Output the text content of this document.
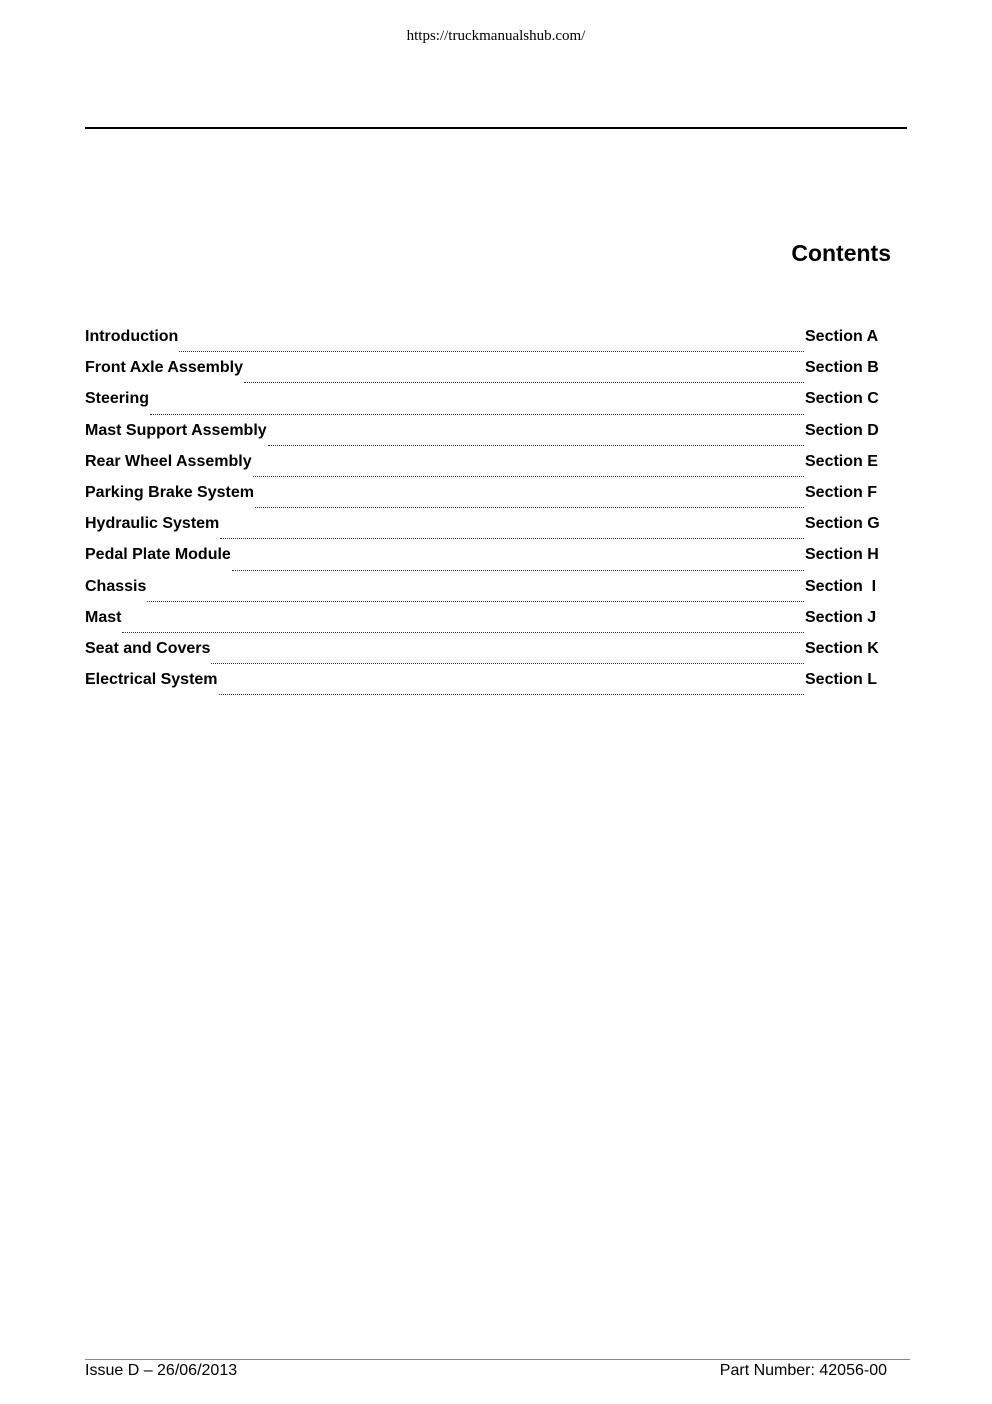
https://truckmanualshub.com/
Contents
Introduction	Section A
Front Axle Assembly	Section B
Steering	Section C
Mast Support Assembly	Section D
Rear Wheel Assembly	Section E
Parking Brake System	Section F
Hydraulic System	Section G
Pedal Plate Module	Section H
Chassis	Section  I
Mast	Section J
Seat and Covers	Section K
Electrical System	Section L
Issue D – 26/06/2013	Part Number: 42056-00
